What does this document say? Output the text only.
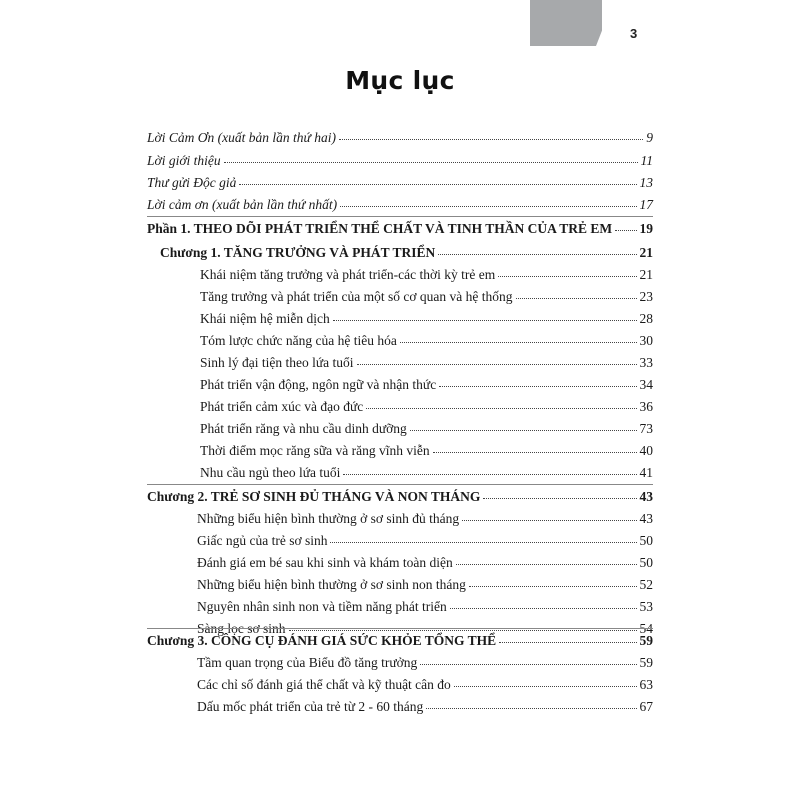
3
Mục lục
Lời Cảm Ơn (xuất bản lần thứ hai)	9
Lời giới thiệu	11
Thư gửi Độc giả	13
Lời cảm ơn (xuất bản lần thứ nhất)	17
Phần 1. THEO DÕI PHÁT TRIỂN THỂ CHẤT VÀ TINH THẦN CỦA TRẺ EM 19
Chương 1. TĂNG TRƯỞNG VÀ PHÁT TRIỂN	21
Khái niệm tăng trưởng và phát triển-các thời kỳ trẻ em	21
Tăng trưởng và phát triển của một số cơ quan và hệ thống	23
Khái niệm hệ miễn dịch	28
Tóm lược chức năng của hệ tiêu hóa	30
Sinh lý đại tiện theo lứa tuổi	33
Phát triển vận động, ngôn ngữ và nhận thức	34
Phát triển cảm xúc và đạo đức	36
Phát triển răng và nhu cầu dinh dưỡng	73
Thời điểm mọc răng sữa và răng vĩnh viễn	40
Nhu cầu ngủ theo lứa tuổi	41
Chương 2. TRẺ SƠ SINH ĐỦ THÁNG VÀ NON THÁNG	43
Những biểu hiện bình thường ở sơ sinh đủ tháng	43
Giấc ngủ của trẻ sơ sinh	50
Đánh giá em bé sau khi sinh và khám toàn diện	50
Những biểu hiện bình thường ở sơ sinh non tháng	52
Nguyên nhân sinh non và tiềm năng phát triển	53
Sàng lọc sơ sinh	54
Chương 3. CÔNG CỤ ĐÁNH GIÁ SỨC KHỎE TỔNG THỂ	59
Tầm quan trọng của Biểu đồ tăng trưởng	59
Các chỉ số đánh giá thể chất và kỹ thuật cân đo	63
Dấu mốc phát triển của trẻ từ 2 - 60 tháng	67
